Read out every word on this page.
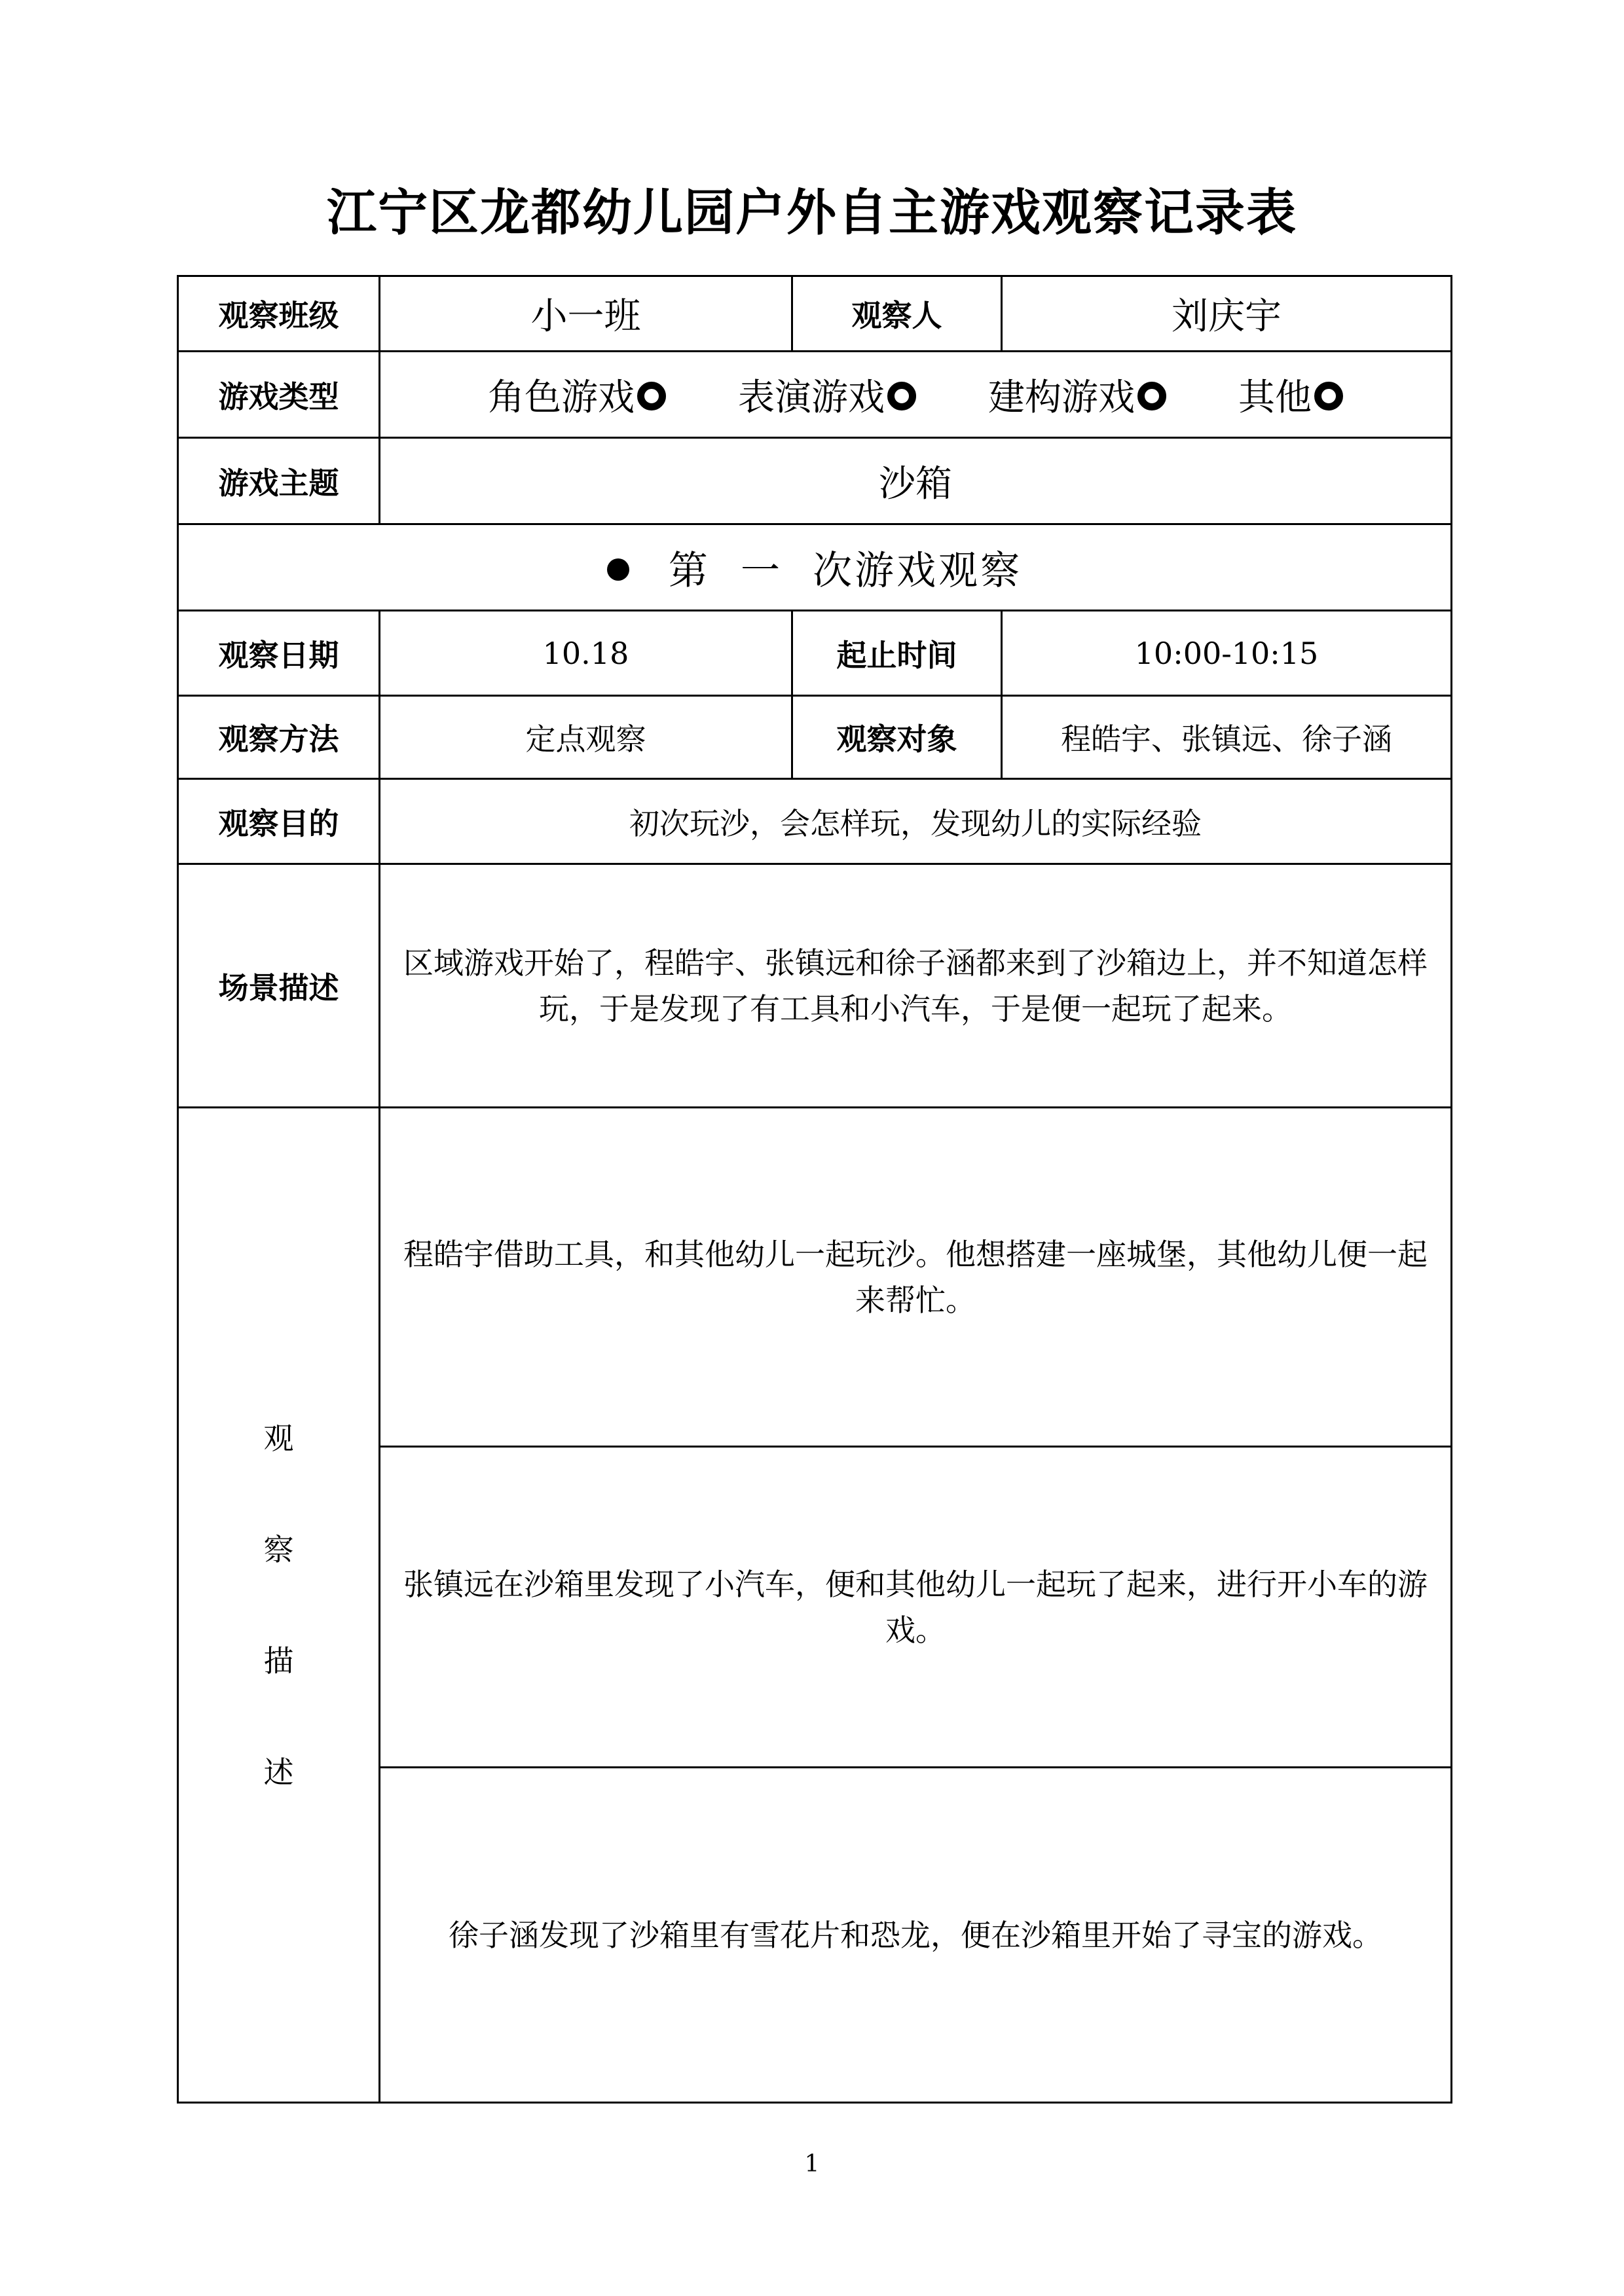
江宁区龙都幼儿园户外自主游戏观察记录表
观察班级	小一班	观察人	刘庆宇
游戏类型	角色游戏 表演游戏 建构游戏 其他		
游戏主题	沙箱		
第  一  次游戏观察			
观察日期	10.18	起止时间	10:00-10:15
观察方法	定点观察	观察对象	程皓宇、张镇远、徐子涵
观察目的	初次玩沙，会怎样玩，发现幼儿的实际经验		
场景描述	区域游戏开始了，程皓宇、张镇远和徐子涵都来到了沙箱边上，并不知道怎样玩，于是发现了有工具和小汽车，于是便一起玩了起来。		

观
察
描
述	程皓宇借助工具，和其他幼儿一起玩沙。他想搭建一座城堡，其他幼儿便一起来帮忙。		
	张镇远在沙箱里发现了小汽车，便和其他幼儿一起玩了起来，进行开小车的游戏。		
	徐子涵发现了沙箱里有雪花片和恐龙，便在沙箱里开始了寻宝的游戏。		
1
